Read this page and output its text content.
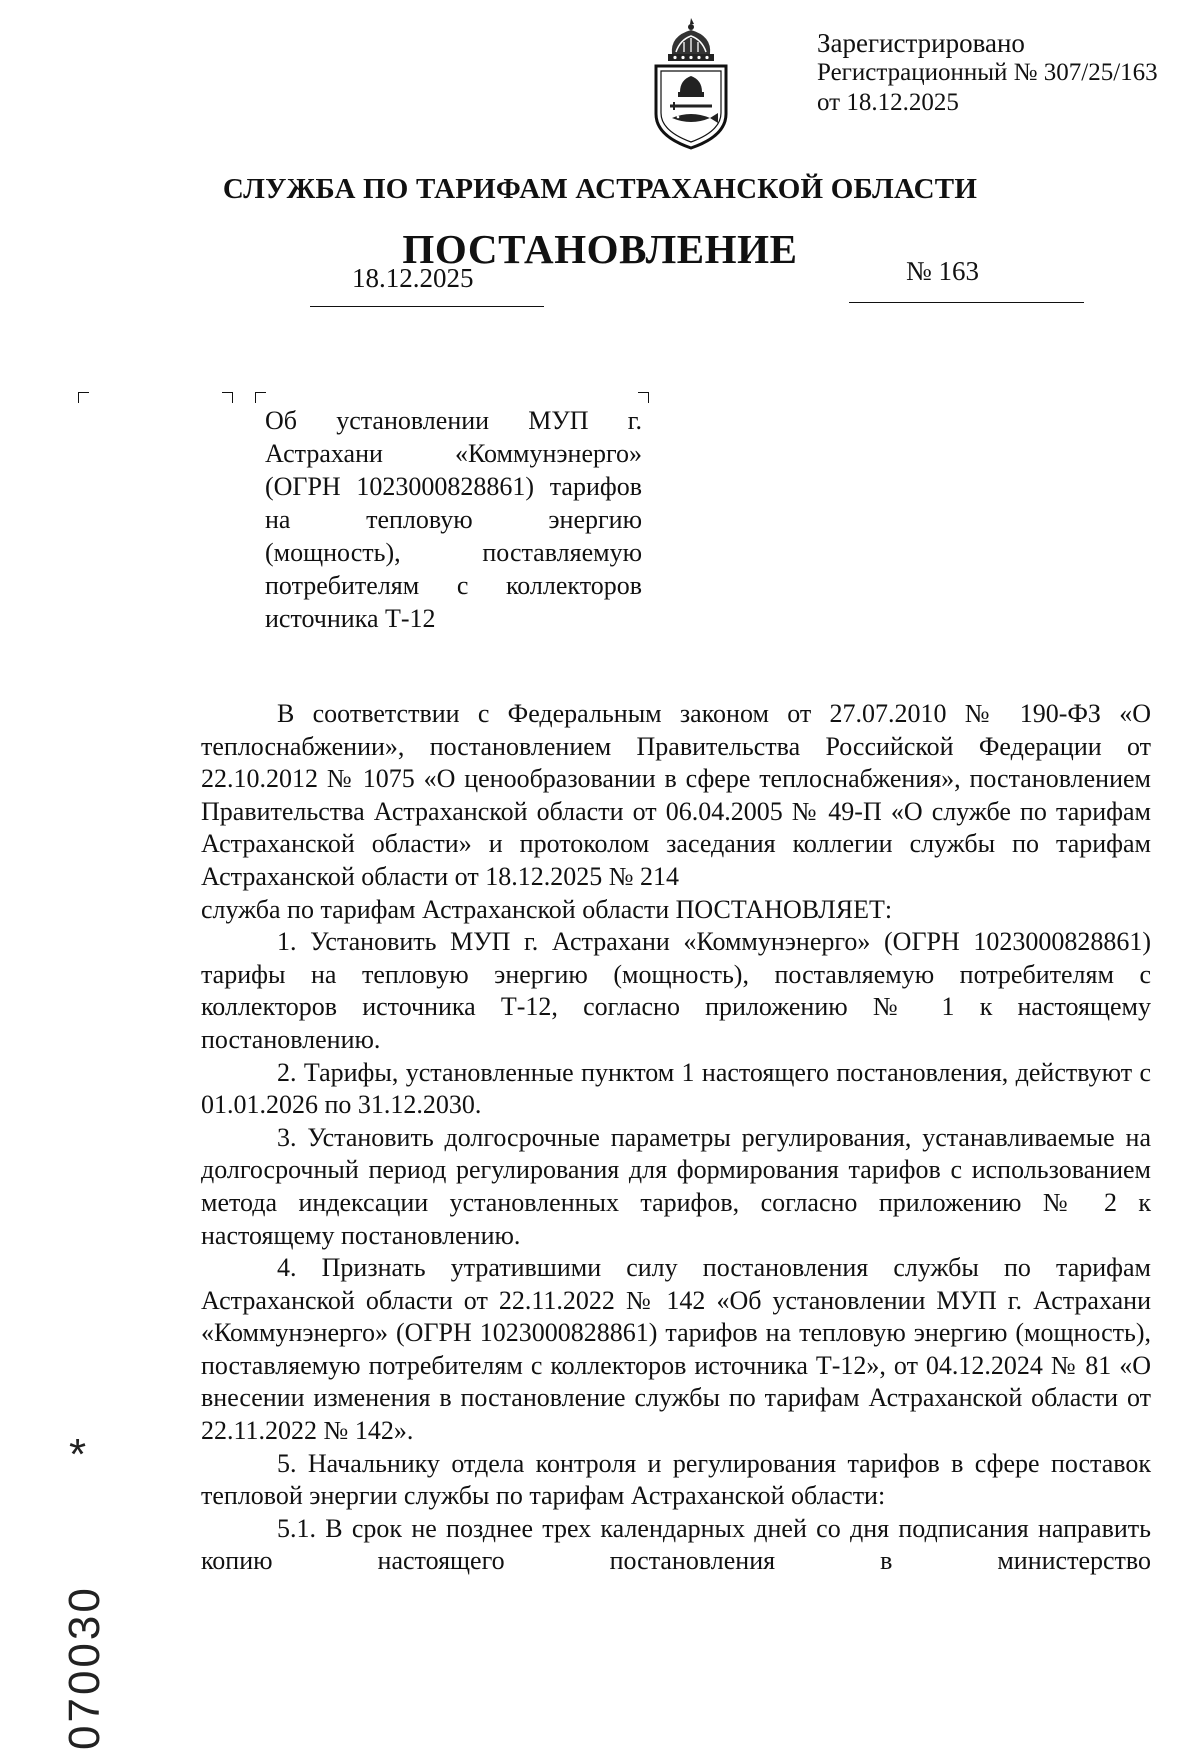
Зарегистрировано
Регистрационный № 307/25/163
от 18.12.2025
СЛУЖБА ПО ТАРИФАМ АСТРАХАНСКОЙ ОБЛАСТИ
ПОСТАНОВЛЕНИЕ
18.12.2025	№ 163
Об установлении МУП г. Астрахани «Коммунэнерго» (ОГРН 1023000828861) тарифов на тепловую энергию (мощность), поставляемую потребителям с коллекторов источника Т-12

В соответствии с Федеральным законом от 27.07.2010 № 190-ФЗ «О теплоснабжении», постановлением Правительства Российской Федерации от 22.10.2012 № 1075 «О ценообразовании в сфере теплоснабжения», постановлением Правительства Астраханской области от 06.04.2005 № 49-П «О службе по тарифам Астраханской области» и протоколом заседания коллегии службы по тарифам Астраханской области от 18.12.2025 № 214

служба по тарифам Астраханской области ПОСТАНОВЛЯЕТ:

1. Установить МУП г. Астрахани «Коммунэнерго» (ОГРН 1023000828861) тарифы на тепловую энергию (мощность), поставляемую потребителям с коллекторов источника Т-12, согласно приложению № 1 к настоящему постановлению.

2. Тарифы, установленные пунктом 1 настоящего постановления, действуют с 01.01.2026 по 31.12.2030.

3. Установить долгосрочные параметры регулирования, устанавливаемые на долгосрочный период регулирования для формирования тарифов с использованием метода индексации установленных тарифов, согласно приложению № 2 к настоящему постановлению.

4. Признать утратившими силу постановления службы по тарифам Астраханской области от 22.11.2022 № 142 «Об установлении МУП г. Астрахани «Коммунэнерго» (ОГРН 1023000828861) тарифов на тепловую энергию (мощность), поставляемую потребителям с коллекторов источника Т-12», от 04.12.2024 № 81 «О внесении изменения в постановление службы по тарифам Астраханской области от 22.11.2022 № 142».

5. Начальнику отдела контроля и регулирования тарифов в сфере поставок тепловой энергии службы по тарифам Астраханской области:

5.1. В срок не позднее трех календарных дней со дня подписания направить копию настоящего постановления в министерство

*
070030
